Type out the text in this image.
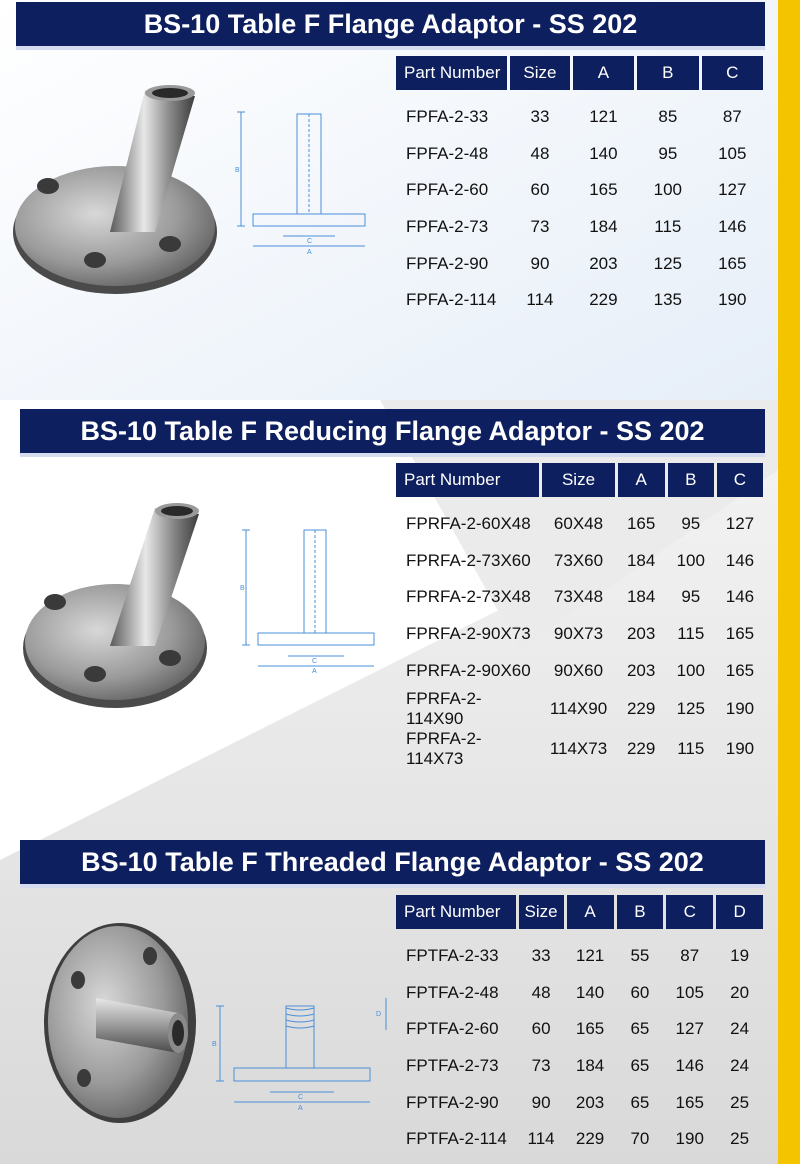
BS-10 Table F Flange Adaptor - SS 202
B
C
A
Part Number	Size	A	B	C

FPFA-2-33	33	121	85	87
FPFA-2-48	48	140	95	105
FPFA-2-60	60	165	100	127
FPFA-2-73	73	184	115	146
FPFA-2-90	90	203	125	165
FPFA-2-114	114	229	135	190
BS-10 Table F Reducing Flange Adaptor - SS 202
B
C
A
Part Number	Size	A	B	C

FPRFA-2-60X48	60X48	165	95	127
FPRFA-2-73X60	73X60	184	100	146
FPRFA-2-73X48	73X48	184	95	146
FPRFA-2-90X73	90X73	203	115	165
FPRFA-2-90X60	90X60	203	100	165
FPRFA-2-114X90	114X90	229	125	190
FPRFA-2-114X73	114X73	229	115	190
BS-10 Table F Threaded Flange Adaptor - SS 202
B
D
C
A
Part Number	Size	A	B	C	D

FPTFA-2-33	33	121	55	87	19
FPTFA-2-48	48	140	60	105	20
FPTFA-2-60	60	165	65	127	24
FPTFA-2-73	73	184	65	146	24
FPTFA-2-90	90	203	65	165	25
FPTFA-2-114	114	229	70	190	25
